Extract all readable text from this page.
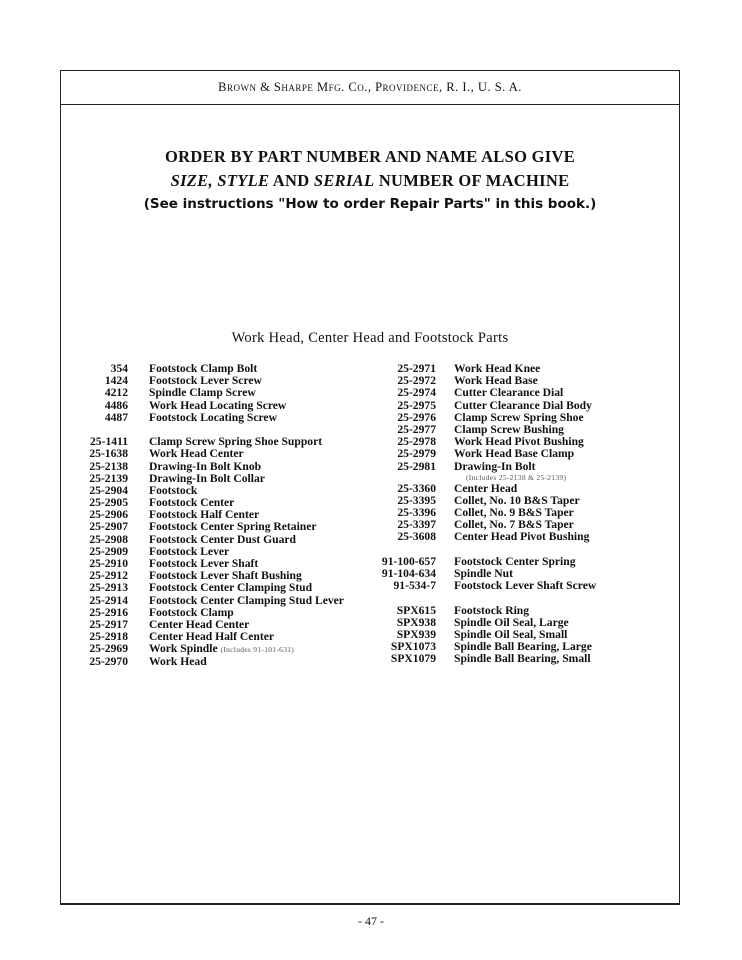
Brown & Sharpe Mfg. Co., Providence, R. I., U. S. A.
ORDER BY PART NUMBER AND NAME ALSO GIVE
SIZE, STYLE AND SERIAL NUMBER OF MACHINE
(See instructions "How to order Repair Parts" in this book.)
Work Head, Center Head and Footstock Parts
354 Footstock Clamp Bolt
1424 Footstock Lever Screw
4212 Spindle Clamp Screw
4486 Work Head Locating Screw
4487 Footstock Locating Screw
25-1411 Clamp Screw Spring Shoe Support
25-1638 Work Head Center
25-2138 Drawing-In Bolt Knob
25-2139 Drawing-In Bolt Collar
25-2904 Footstock
25-2905 Footstock Center
25-2906 Footstock Half Center
25-2907 Footstock Center Spring Retainer
25-2908 Footstock Center Dust Guard
25-2909 Footstock Lever
25-2910 Footstock Lever Shaft
25-2912 Footstock Lever Shaft Bushing
25-2913 Footstock Center Clamping Stud
25-2914 Footstock Center Clamping Stud Lever
25-2916 Footstock Clamp
25-2917 Center Head Center
25-2918 Center Head Half Center
25-2969 Work Spindle (Includes 91-101-631)
25-2970 Work Head
25-2971 Work Head Knee
25-2972 Work Head Base
25-2974 Cutter Clearance Dial
25-2975 Cutter Clearance Dial Body
25-2976 Clamp Screw Spring Shoe
25-2977 Clamp Screw Bushing
25-2978 Work Head Pivot Bushing
25-2979 Work Head Base Clamp
25-2981 Drawing-In Bolt
(Includes 25-2138 & 25-2139)
25-3360 Center Head
25-3395 Collet, No. 10 B&S Taper
25-3396 Collet, No. 9 B&S Taper
25-3397 Collet, No. 7 B&S Taper
25-3608 Center Head Pivot Bushing
91-100-657 Footstock Center Spring
91-104-634 Spindle Nut
91-534-7 Footstock Lever Shaft Screw
SPX615 Footstock Ring
SPX938 Spindle Oil Seal, Large
SPX939 Spindle Oil Seal, Small
SPX1073 Spindle Ball Bearing, Large
SPX1079 Spindle Ball Bearing, Small
- 47 -
